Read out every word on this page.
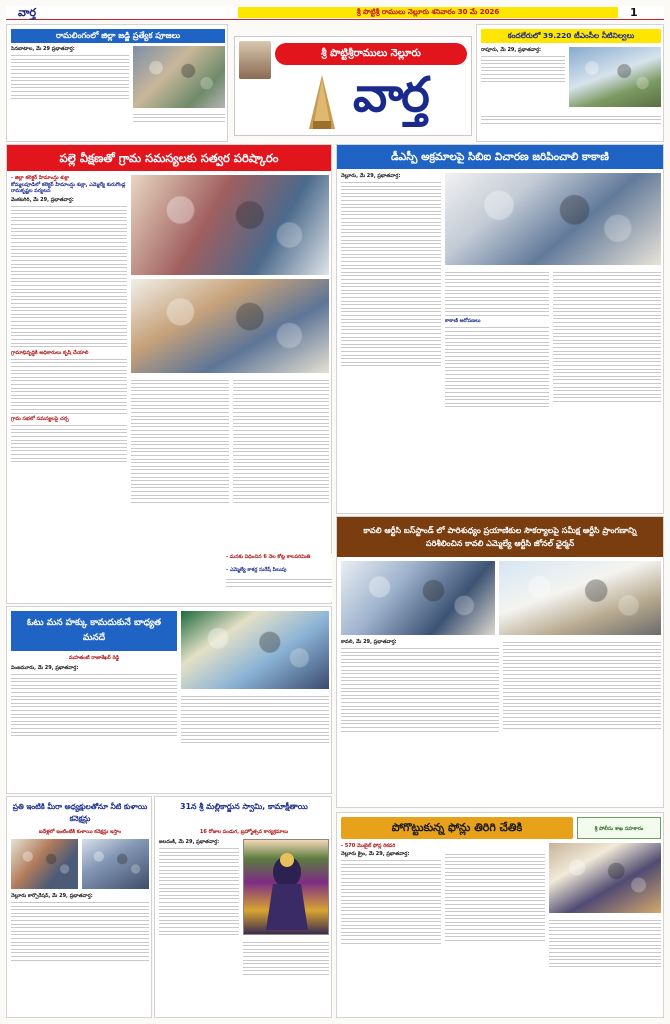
వార్త	శ్రీ పొట్టిశ్రీ రాములు నెల్లూరు శనివారం 30 మే 2026	1
రామలింగంలో జిల్లా జడ్జి ప్రత్యేక పూజలు
సెనబాటాల, మే 29 ప్రభాతవార్త:	శ్రీ పొట్టిశ్రీరాములు నెల్లూరు
వార్త
కందలేరులో 39.220 టీఎంసీల నీటినిల్వలు
రాపూరు, మే 29, ప్రభాతవార్త:
పల్లె వీక్షణతో గ్రామ సమస్యలకు సత్వర పరిష్కారం
- జిల్లా కలెక్టర్ హిమాంన్షు శుక్లా
కోమ్మలపూడిలో కలెక్టర్ హిమాంన్షు శుక్లా, ఎమ్మెల్యే కురుగొండ్ల రామకృష్ణల పర్యటన
వెంకటగిరి, మే 29, ప్రభాతవార్త:
గ్రామాభివృద్ధికి అధికారులు కృషి చేయాలి
గ్రామ సభలో సమస్యలపై చర్చ
డీఎస్పీ అక్రమాలపై సిబిఐ విచారణ జరిపించాలి కాకాణి
నెల్లూరు, మే 29, ప్రభాతవార్త:
కాకాణి ఆరోపణలు
కావలి ఆర్టీసి బస్‌స్టాండ్ లో పారిశుధ్యం ప్రయాణికుల సౌకర్యాలపై సమీక్ష ఆర్టీసి ప్రాంగణాన్ని పరిశీలించిన కావలి ఎమ్మెల్యే ఆర్టీసి జోనల్ ఛైర్మన్
కావలి, మే 29, ప్రభాతవార్త:
ఓటు మన హక్కు కామదుకునే బాధ్యత మనదే
మహతంటి రాజాశేఖర్ రెడ్డి
వింజమూరు, మే 29, ప్రభాతవార్త:
- మనకు విధించిన 6 నెల కోట్ల కాలపరిమితి
- ఎమ్మెల్యే కాకర్ల సురేష్ పిలుపు
ప్రతి ఇంటికి మీరా అధ్యక్షులతోనూ నీటి కుళాయి కనెక్షన్లు
ఐదేళ్లలో ఇంటింటికి కుళాయి కనెక్షన్లు ఇస్తాం
నెల్లూరు కార్పొరేషన్, మే 29, ప్రభాతవార్త:
31న శ్రీ మల్లికార్జున స్వామి, కామాక్షీతాయి
16 రోజుల పండుగ, బ్రహ్మోత్సవ కార్యక్రమాలు
జలదంకి, మే 29, ప్రభాతవార్త:
పోగొట్టుకున్న ఫోన్లు తిరిగి చేతికి	శ్రీ పోలీసు శాఖ సహకారం
- 570 మొబైల్ ఫోన్ల రికవరి
నెల్లూరు క్రైం, మే 29, ప్రభాతవార్త:
